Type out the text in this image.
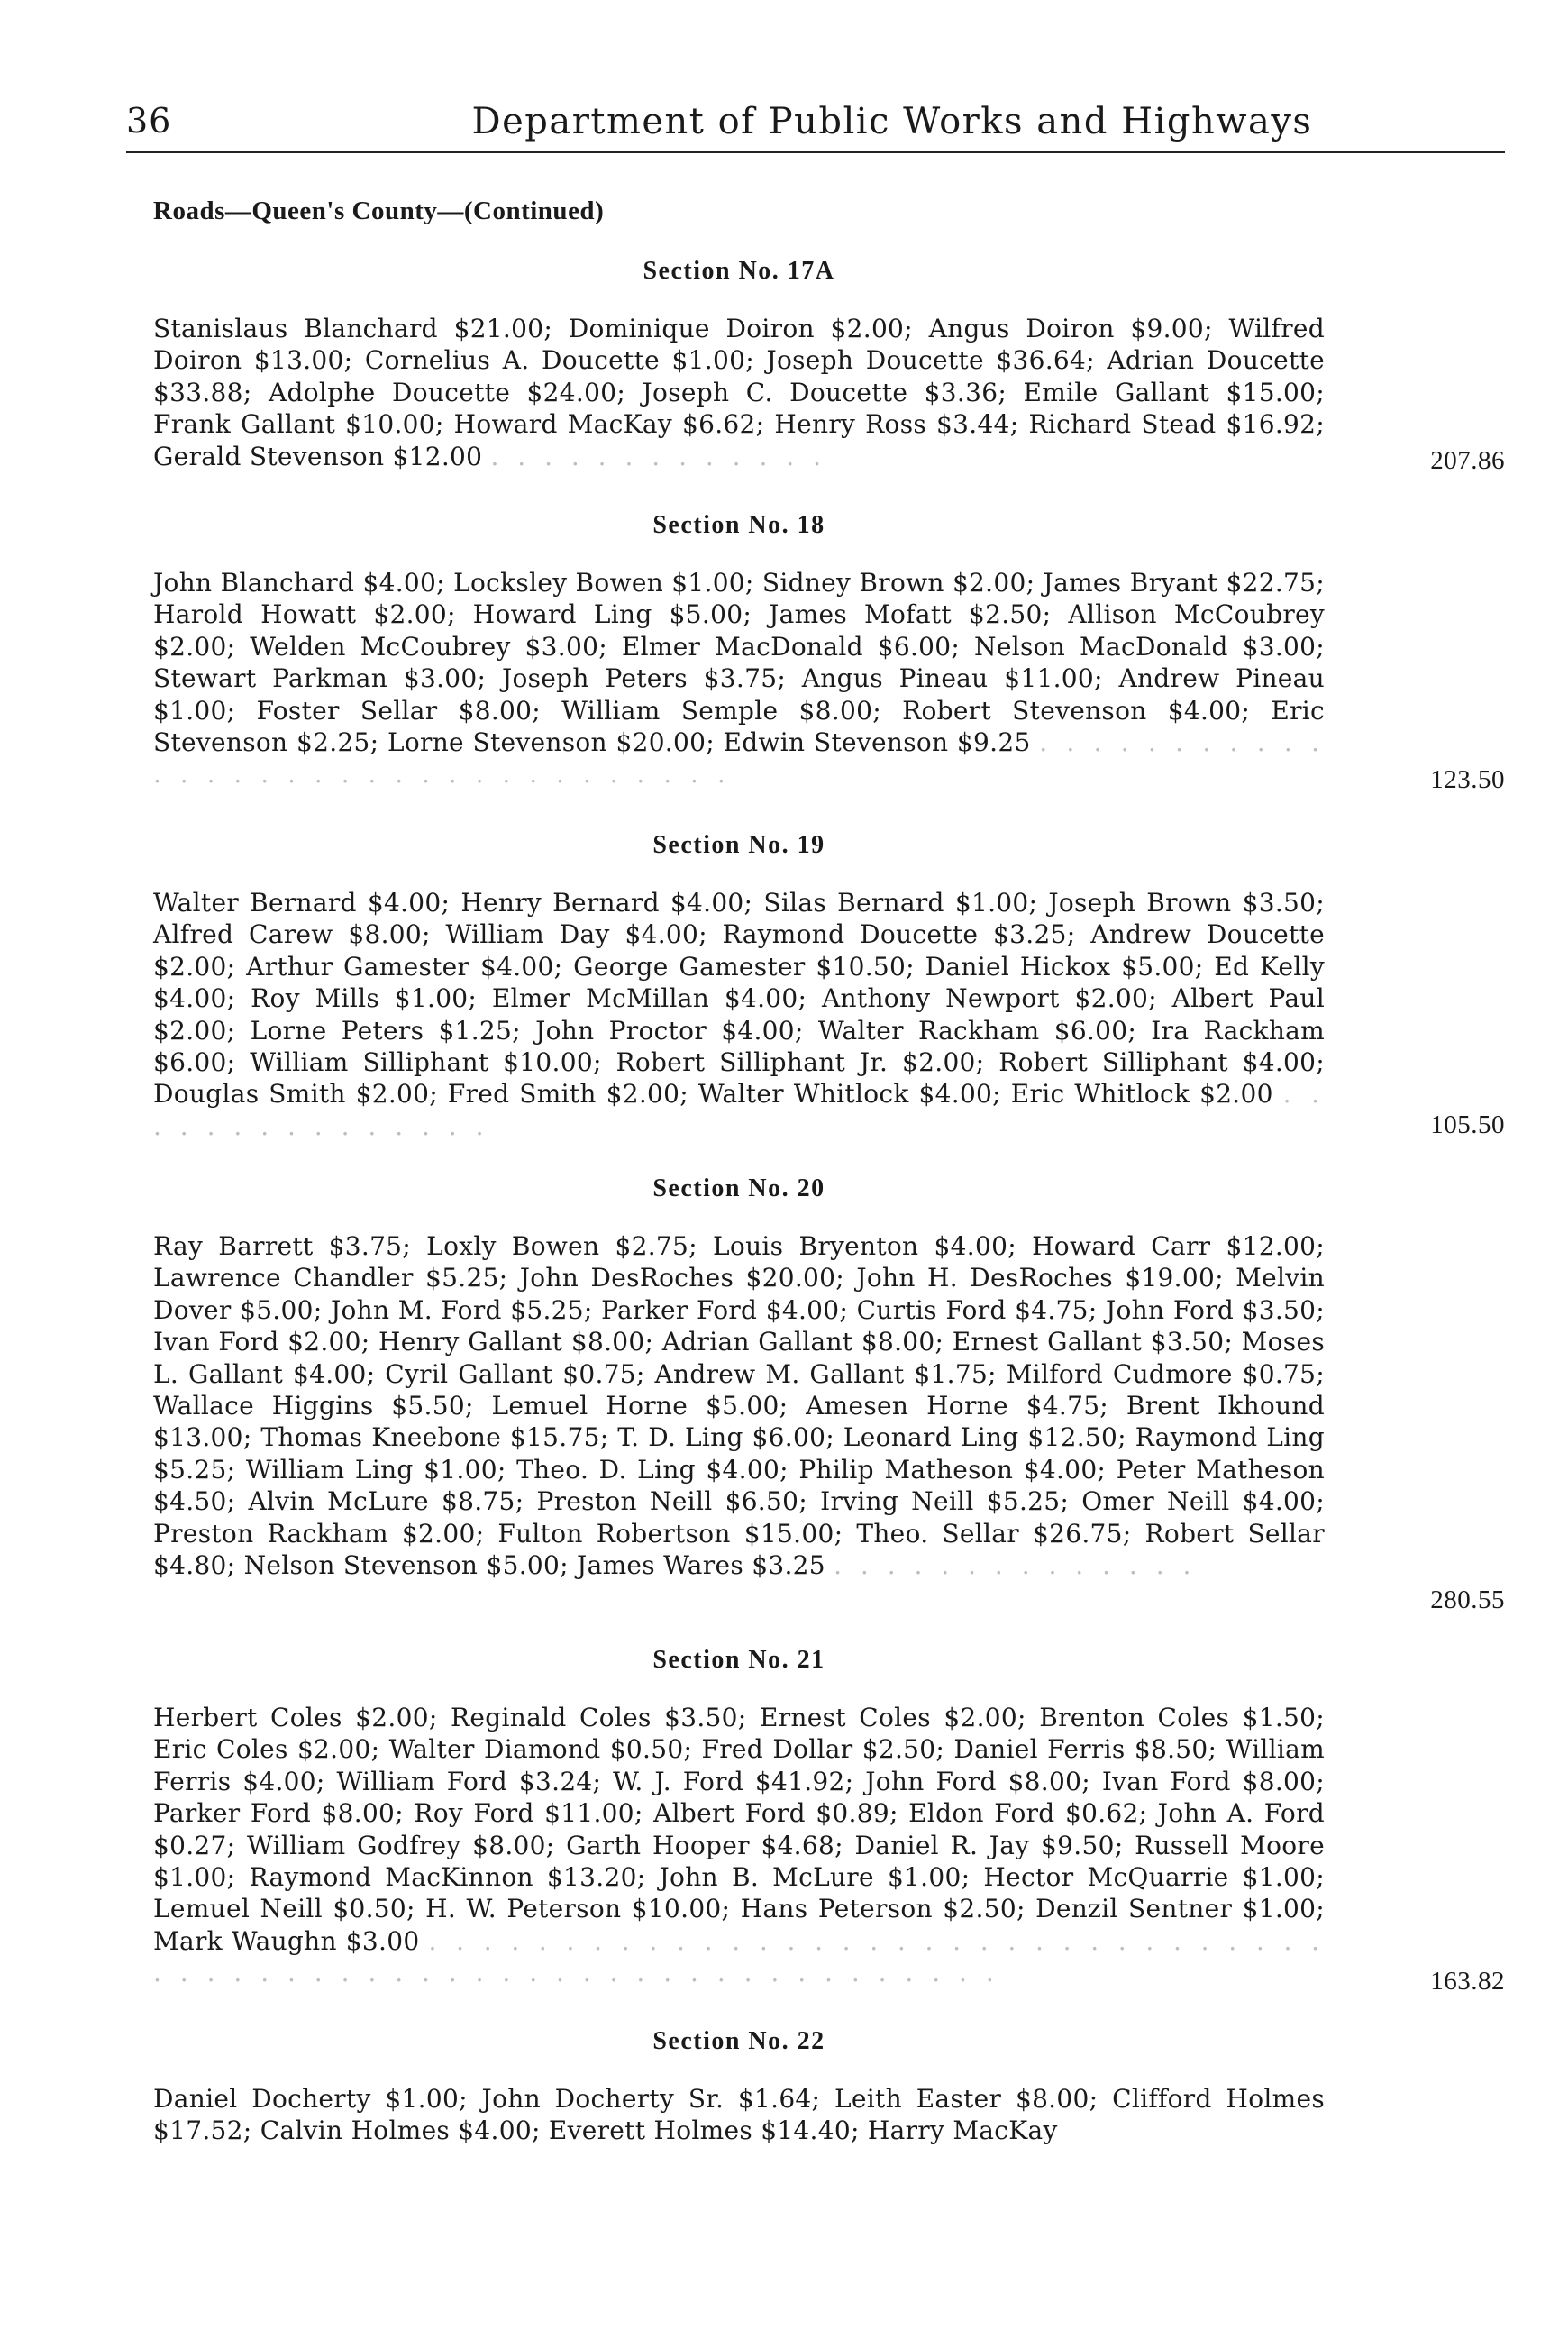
36	Department of Public Works and Highways
Roads—Queen's County—(Continued)
Section No. 17A
Stanislaus Blanchard $21.00; Dominique Doiron $2.00; Angus Doiron $9.00; Wilfred Doiron $13.00; Cornelius A. Doucette $1.00; Joseph Doucette $36.64; Adrian Doucette $33.88; Adolphe Doucette $24.00; Joseph C. Doucette $3.36; Emile Gallant $15.00; Frank Gallant $10.00; Howard MacKay $6.62; Henry Ross $3.44; Richard Stead $16.92; Gerald Stevenson $12.00 . . . . . . . . . . . . .	207.86
Section No. 18
John Blanchard $4.00; Locksley Bowen $1.00; Sidney Brown $2.00; James Bryant $22.75; Harold Howatt $2.00; Howard Ling $5.00; James Mofatt $2.50; Allison McCoubrey $2.00; Welden McCoubrey $3.00; Elmer MacDonald $6.00; Nelson MacDonald $3.00; Stewart Parkman $3.00; Joseph Peters $3.75; Angus Pineau $11.00; Andrew Pineau $1.00; Foster Sellar $8.00; William Semple $8.00; Robert Stevenson $4.00; Eric Stevenson $2.25; Lorne Stevenson $20.00; Edwin Stevenson $9.25 . . . . . . . . . . . . . . . . . . . . . . . . . . . . . . . . .	123.50
Section No. 19
Walter Bernard $4.00; Henry Bernard $4.00; Silas Bernard $1.00; Joseph Brown $3.50; Alfred Carew $8.00; William Day $4.00; Raymond Doucette $3.25; Andrew Doucette $2.00; Arthur Gamester $4.00; George Gamester $10.50; Daniel Hickox $5.00; Ed Kelly $4.00; Roy Mills $1.00; Elmer McMillan $4.00; Anthony Newport $2.00; Albert Paul $2.00; Lorne Peters $1.25; John Proctor $4.00; Walter Rackham $6.00; Ira Rackham $6.00; William Silliphant $10.00; Robert Silliphant Jr. $2.00; Robert Silliphant $4.00; Douglas Smith $2.00; Fred Smith $2.00; Walter Whitlock $4.00; Eric Whitlock $2.00 . . . . . . . . . . . . . . .	105.50
Section No. 20
Ray Barrett $3.75; Loxly Bowen $2.75; Louis Bryenton $4.00; Howard Carr $12.00; Lawrence Chandler $5.25; John DesRoches $20.00; John H. DesRoches $19.00; Melvin Dover $5.00; John M. Ford $5.25; Parker Ford $4.00; Curtis Ford $4.75; John Ford $3.50; Ivan Ford $2.00; Henry Gallant $8.00; Adrian Gallant $8.00; Ernest Gallant $3.50; Moses L. Gallant $4.00; Cyril Gallant $0.75; Andrew M. Gallant $1.75; Milford Cudmore $0.75; Wallace Higgins $5.50; Lemuel Horne $5.00; Amesen Horne $4.75; Brent Ikhound $13.00; Thomas Kneebone $15.75; T. D. Ling $6.00; Leonard Ling $12.50; Raymond Ling $5.25; William Ling $1.00; Theo. D. Ling $4.00; Philip Matheson $4.00; Peter Matheson $4.50; Alvin McLure $8.75; Preston Neill $6.50; Irving Neill $5.25; Omer Neill $4.00; Preston Rackham $2.00; Fulton Robertson $15.00; Theo. Sellar $26.75; Robert Sellar $4.80; Nelson Stevenson $5.00; James Wares $3.25 . . . . . . . . . . . . . .
280.55
Section No. 21
Herbert Coles $2.00; Reginald Coles $3.50; Ernest Coles $2.00; Brenton Coles $1.50; Eric Coles $2.00; Walter Diamond $0.50; Fred Dollar $2.50; Daniel Ferris $8.50; William Ferris $4.00; William Ford $3.24; W. J. Ford $41.92; John Ford $8.00; Ivan Ford $8.00; Parker Ford $8.00; Roy Ford $11.00; Albert Ford $0.89; Eldon Ford $0.62; John A. Ford $0.27; William Godfrey $8.00; Garth Hooper $4.68; Daniel R. Jay $9.50; Russell Moore $1.00; Raymond MacKinnon $13.20; John B. McLure $1.00; Hector McQuarrie $1.00; Lemuel Neill $0.50; H. W. Peterson $10.00; Hans Peterson $2.50; Denzil Sentner $1.00; Mark Waughn $3.00 . . . . . . . . . . . . . . . . . . . . . . . . . . . . . . . . . . . . . . . . . . . . . . . . . . . . . . . . . . . . . . . . .	163.82
Section No. 22
Daniel Docherty $1.00; John Docherty Sr. $1.64; Leith Easter $8.00; Clifford Holmes $17.52; Calvin Holmes $4.00; Everett Holmes $14.40; Harry MacKay
